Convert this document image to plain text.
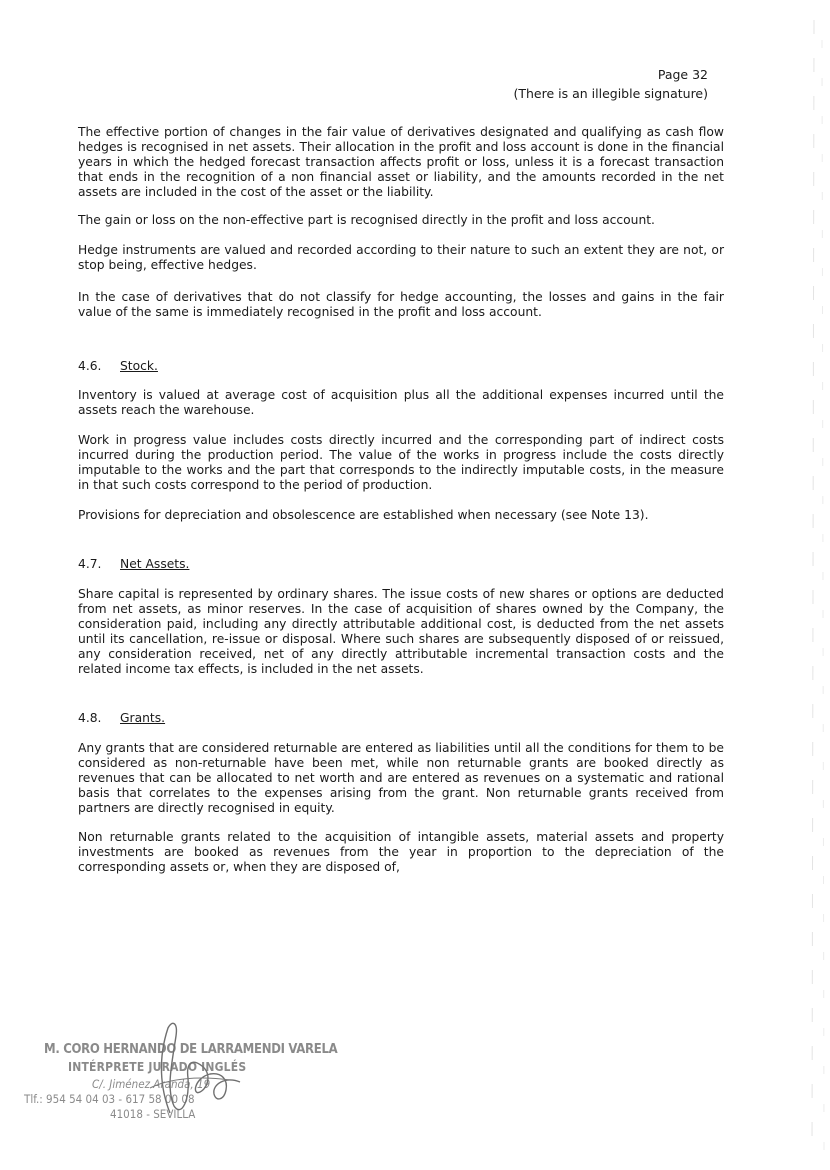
Page 32
(There is an illegible signature)

The effective portion of changes in the fair value of derivatives designated and qualifying as cash flow hedges is recognised in net assets. Their allocation in the profit and loss account is done in the financial years in which the hedged forecast transaction affects profit or loss, unless it is a forecast transaction that ends in the recognition of a non financial asset or liability, and the amounts recorded in the net assets are included in the cost of the asset or the liability.

The gain or loss on the non-effective part is recognised directly in the profit and loss account.

Hedge instruments are valued and recorded according to their nature to such an extent they are not, or stop being, effective hedges.

In the case of derivatives that do not classify for hedge accounting, the losses and gains in the fair value of the same is immediately recognised in the profit and loss account.

4.6. Stock.

Inventory is valued at average cost of acquisition plus all the additional expenses incurred until the assets reach the warehouse.

Work in progress value includes costs directly incurred and the corresponding part of indirect costs incurred during the production period. The value of the works in progress include the costs directly imputable to the works and the part that corresponds to the indirectly imputable costs, in the measure in that such costs correspond to the period of production.

Provisions for depreciation and obsolescence are established when necessary (see Note 13).

4.7. Net Assets.

Share capital is represented by ordinary shares. The issue costs of new shares or options are deducted from net assets, as minor reserves. In the case of acquisition of shares owned by the Company, the consideration paid, including any directly attributable additional cost, is deducted from the net assets until its cancellation, re-issue or disposal. Where such shares are subsequently disposed of or reissued, any consideration received, net of any directly attributable incremental transaction costs and the related income tax effects, is included in the net assets.

4.8. Grants.

Any grants that are considered returnable are entered as liabilities until all the conditions for them to be considered as non-returnable have been met, while non returnable grants are booked directly as revenues that can be allocated to net worth and are entered as revenues on a systematic and rational basis that correlates to the expenses arising from the grant. Non returnable grants received from partners are directly recognised in equity.

Non returnable grants related to the acquisition of intangible assets, material assets and property investments are booked as revenues from the year in proportion to the depreciation of the corresponding assets or, when they are disposed of,

M. CORO HERNANDO DE LARRAMENDI VARELA
INTÉRPRETE JURADO INGLÉS
C/. Jiménez Aranda, 19
Tlf.: 954 54 04 03 - 617 58 00 08
41018 - SEVILLA
